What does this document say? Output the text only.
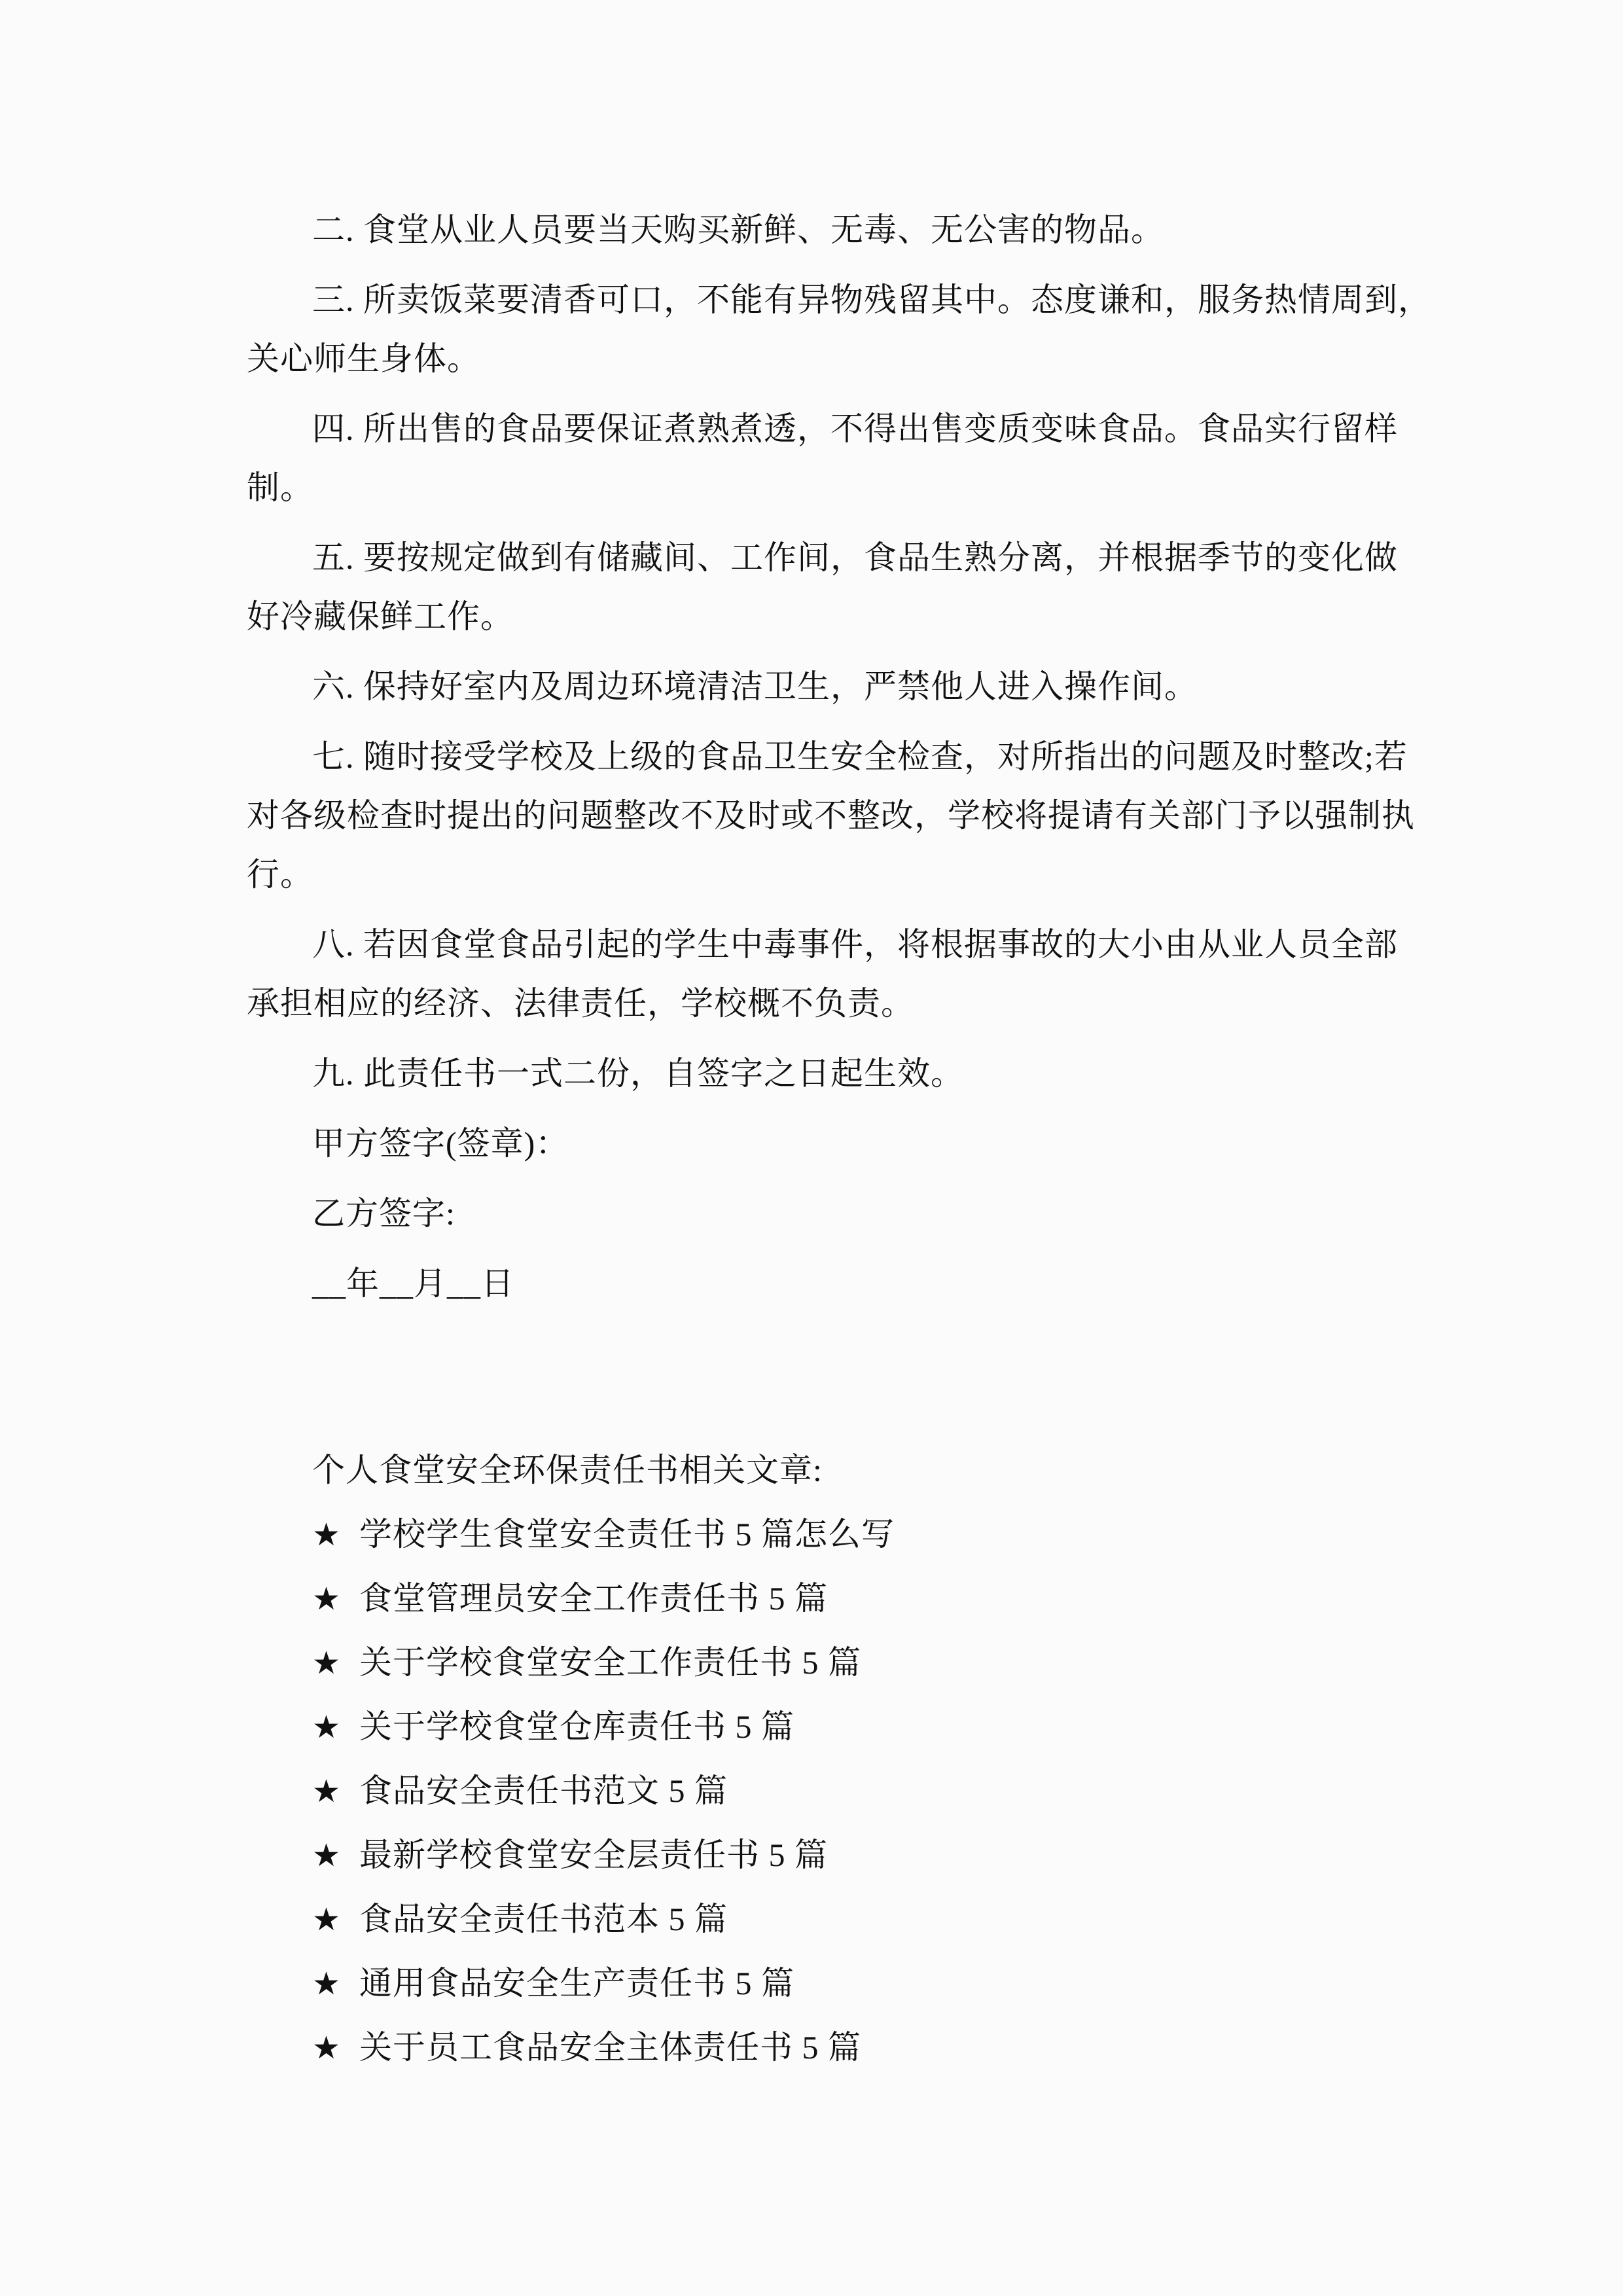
二. 食堂从业人员要当天购买新鲜、无毒、无公害的物品。
三. 所卖饭菜要清香可口，不能有异物残留其中。态度谦和，服务热情周到，
关心师生身体。
四. 所出售的食品要保证煮熟煮透，不得出售变质变味食品。食品实行留样
制。
五. 要按规定做到有储藏间、工作间，食品生熟分离，并根据季节的变化做
好冷藏保鲜工作。
六. 保持好室内及周边环境清洁卫生，严禁他人进入操作间。
七. 随时接受学校及上级的食品卫生安全检查，对所指出的问题及时整改;若
对各级检查时提出的问题整改不及时或不整改，学校将提请有关部门予以强制执
行。
八. 若因食堂食品引起的学生中毒事件，将根据事故的大小由从业人员全部
承担相应的经济、法律责任，学校概不负责。
九. 此责任书一式二份，自签字之日起生效。
甲方签字(签章)：
乙方签字:
__年__月__日
个人食堂安全环保责任书相关文章:
★ 学校学生食堂安全责任书 5 篇怎么写
★ 食堂管理员安全工作责任书 5 篇
★ 关于学校食堂安全工作责任书 5 篇
★ 关于学校食堂仓库责任书 5 篇
★ 食品安全责任书范文 5 篇
★ 最新学校食堂安全层责任书 5 篇
★ 食品安全责任书范本 5 篇
★ 通用食品安全生产责任书 5 篇
★ 关于员工食品安全主体责任书 5 篇
